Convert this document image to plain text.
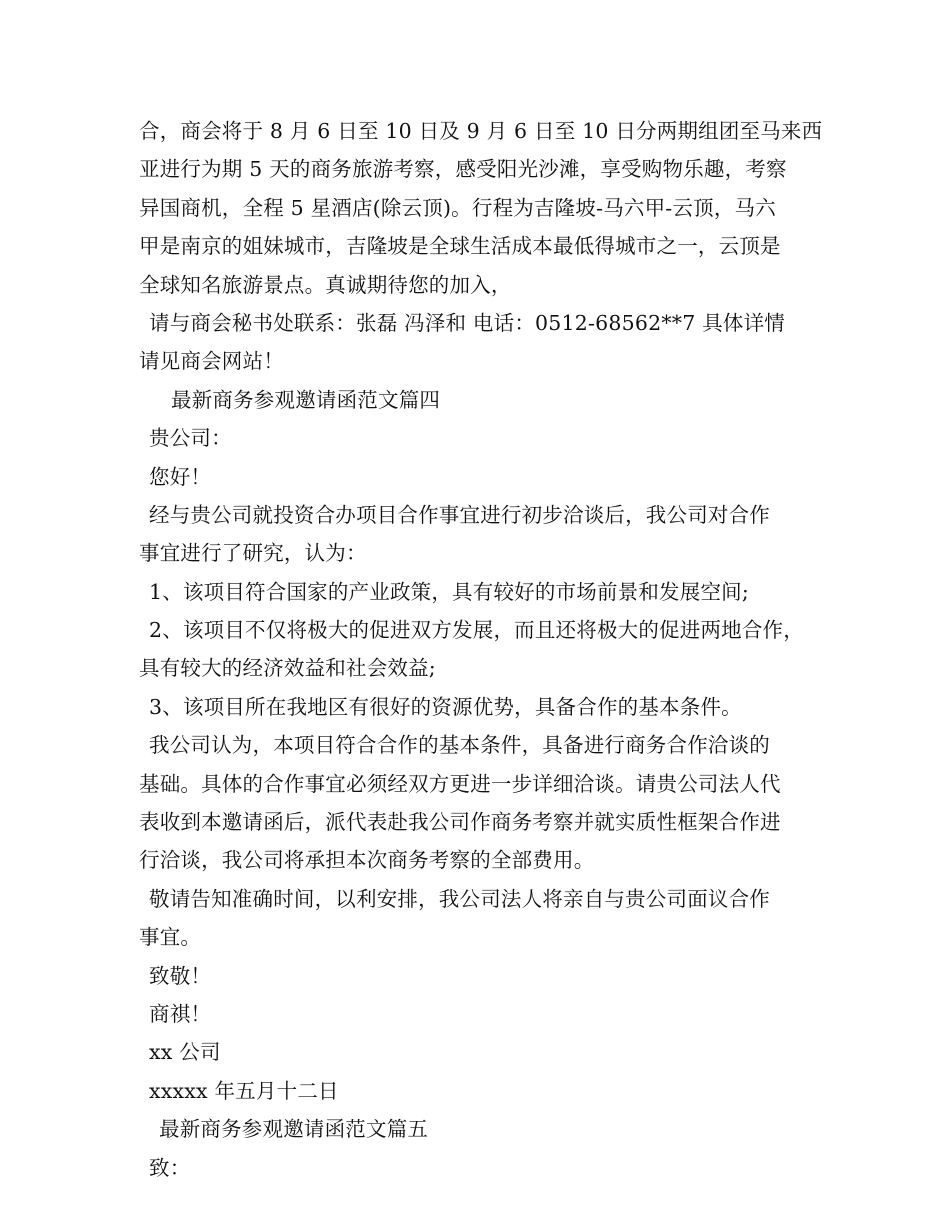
合，商会将于 8 月 6 日至 10 日及 9 月 6 日至 10 日分两期组团至马来西
亚进行为期 5 天的商务旅游考察，感受阳光沙滩，享受购物乐趣，考察
异国商机，全程 5 星酒店(除云顶)。行程为吉隆坡-马六甲-云顶，马六
甲是南京的姐妹城市，吉隆坡是全球生活成本最低得城市之一，云顶是
全球知名旅游景点。真诚期待您的加入，
请与商会秘书处联系：张磊 冯泽和 电话：0512-68562**7 具体详情
请见商会网站！
最新商务参观邀请函范文篇四
贵公司：
您好！
经与贵公司就投资合办项目合作事宜进行初步洽谈后，我公司对合作
事宜进行了研究，认为：
1、该项目符合国家的产业政策，具有较好的市场前景和发展空间;
2、该项目不仅将极大的促进双方发展，而且还将极大的促进两地合作，
具有较大的经济效益和社会效益;
3、该项目所在我地区有很好的资源优势，具备合作的基本条件。
我公司认为，本项目符合合作的基本条件，具备进行商务合作洽谈的
基础。具体的合作事宜必须经双方更进一步详细洽谈。请贵公司法人代
表收到本邀请函后，派代表赴我公司作商务考察并就实质性框架合作进
行洽谈，我公司将承担本次商务考察的全部费用。
敬请告知准确时间，以利安排，我公司法人将亲自与贵公司面议合作
事宜。
致敬！
商祺！
xx 公司
xxxxx 年五月十二日
最新商务参观邀请函范文篇五
致：
